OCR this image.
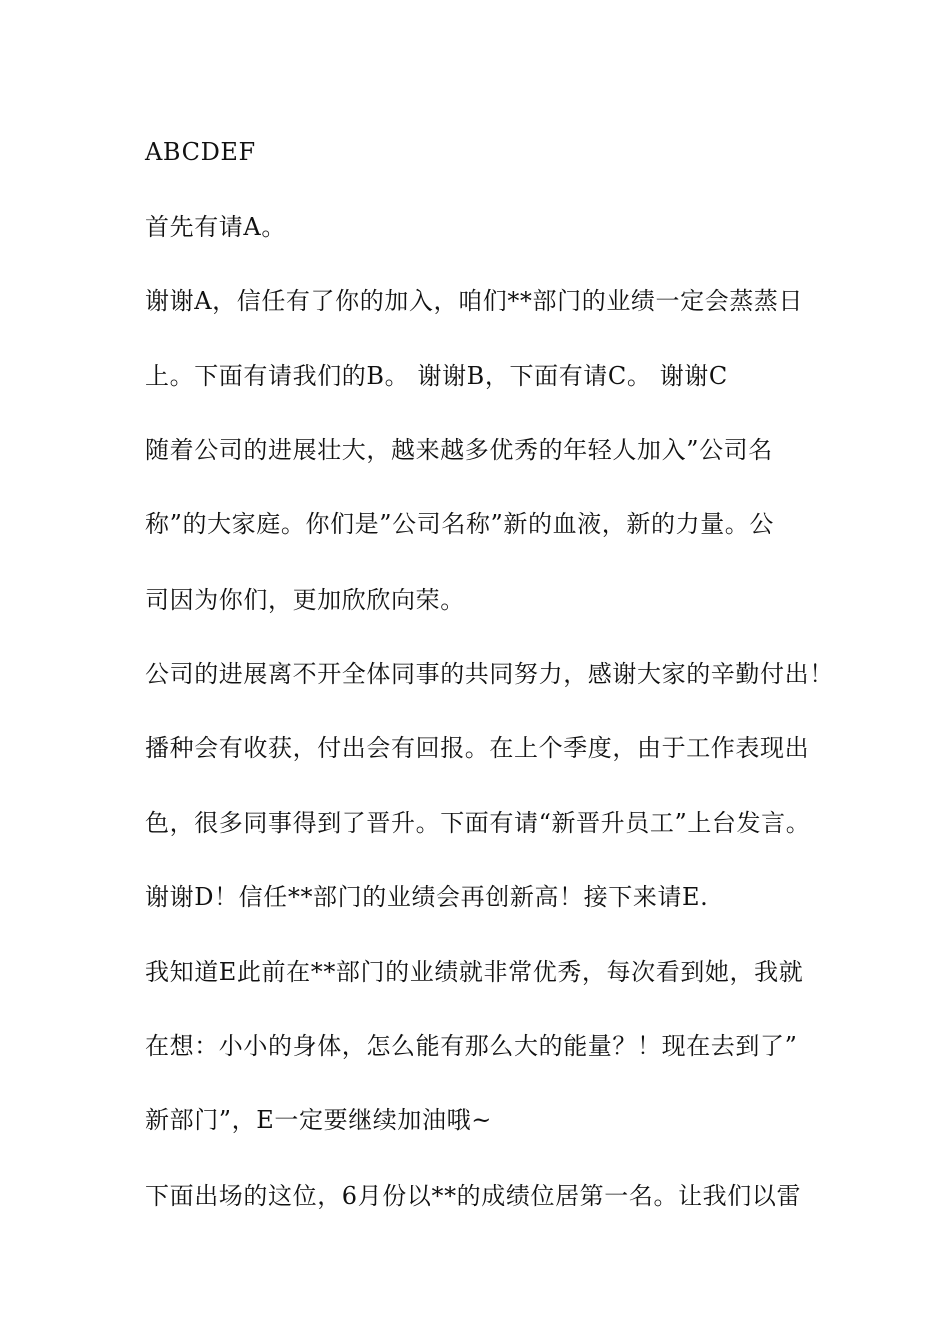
ABCDEF

首先有请A。

谢谢A，信任有了你的加入，咱们**部门的业绩一定会蒸蒸日

上。下面有请我们的B。 谢谢B，下面有请C。 谢谢C

随着公司的进展壮大，越来越多优秀的年轻人加入”公司名

称”的大家庭。你们是”公司名称”新的血液，新的力量。公

司因为你们，更加欣欣向荣。

公司的进展离不开全体同事的共同努力，感谢大家的辛勤付出！

播种会有收获，付出会有回报。在上个季度，由于工作表现出

色，很多同事得到了晋升。下面有请“新晋升员工”上台发言。

谢谢D！信任**部门的业绩会再创新高！接下来请E.

我知道E此前在**部门的业绩就非常优秀，每次看到她，我就

在想：小小的身体，怎么能有那么大的能量？！现在去到了”

新部门”，E一定要继续加油哦~

下面出场的这位，6月份以**的成绩位居第一名。让我们以雷
